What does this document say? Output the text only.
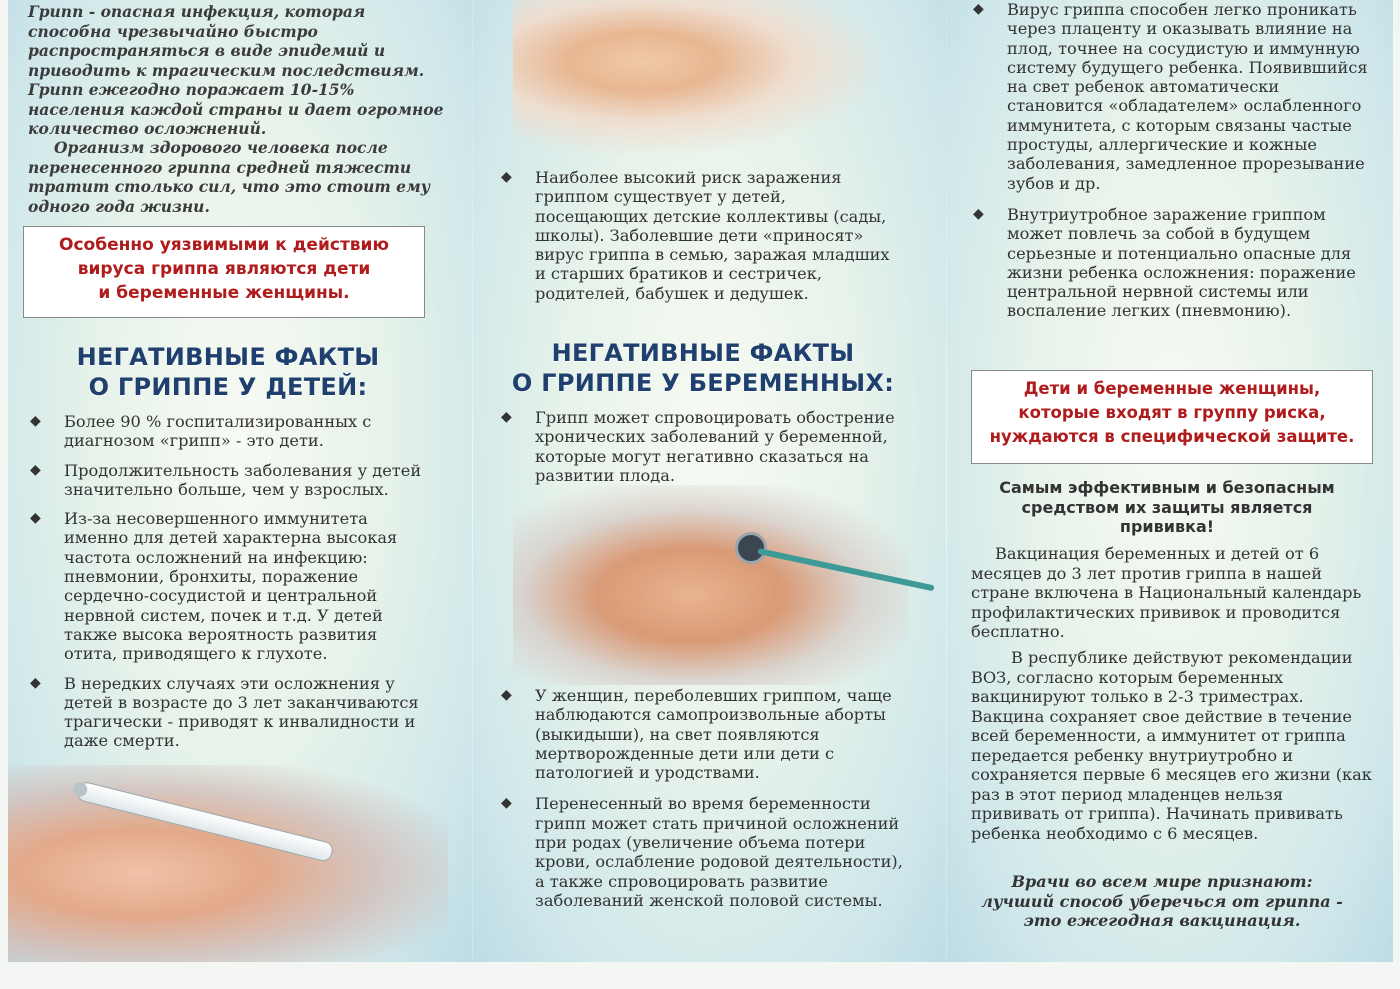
Грипп - опасная инфекция, которая способна чрезвычайно быстро распространяться в виде эпидемий и приводить к трагическим последствиям. Грипп ежегодно поражает 10-15% населения каждой страны и дает огромное количество осложнений.

Организм здорового человека после перенесенного гриппа средней тяжести тратит столько сил, что это стоит ему одного года жизни.

Особенно уязвимыми к действию
вируса гриппа являются дети
и беременные женщины.
НЕГАТИВНЫЕ ФАКТЫ
О ГРИППЕ У ДЕТЕЙ:
◆ Более 90 % госпитализированных с диагнозом «грипп» - это дети.
◆ Продолжительность заболевания у детей значительно больше, чем у взрослых.
◆ Из-за несовершенного иммунитета именно для детей характерна высокая частота осложнений на инфекцию: пневмонии, бронхиты, поражение сердечно-сосудистой и центральной нервной систем, почек и т.д. У детей также высока вероятность развития отита, приводящего к глухоте.
◆ В нередких случаях эти осложнения у детей в возрасте до 3 лет заканчиваются трагически - приводят к инвалидности и даже смерти.
◆ Наиболее высокий риск заражения гриппом существует у детей, посещающих детские коллективы (сады, школы). Заболевшие дети «приносят» вирус гриппа в семью, заражая младших и старших братиков и сестричек, родителей, бабушек и дедушек.
НЕГАТИВНЫЕ ФАКТЫ
О ГРИППЕ У БЕРЕМЕННЫХ:
◆ Грипп может спровоцировать обострение хронических заболеваний у беременной, которые могут негативно сказаться на развитии плода.
◆ У женщин, переболевших гриппом, чаще наблюдаются самопроизвольные аборты (выкидыши), на свет появляются мертворожденные дети или дети с патологией и уродствами.
◆ Перенесенный во время беременности грипп может стать причиной осложнений при родах (увеличение объема потери крови, ослабление родовой деятельности), а также спровоцировать развитие заболеваний женской половой системы.
◆ Вирус гриппа способен легко проникать через плаценту и оказывать влияние на плод, точнее на сосудистую и иммунную систему будущего ребенка. Появившийся на свет ребенок автоматически становится «обладателем» ослабленного иммунитета, с которым связаны частые простуды, аллергические и кожные заболевания, замедленное прорезывание зубов и др.
◆ Внутриутробное заражение гриппом может повлечь за собой в будущем серьезные и потенциально опасные для жизни ребенка осложнения: поражение центральной нервной системы или воспаление легких (пневмонию).
Дети и беременные женщины,
которые входят в группу риска,
нуждаются в специфической защите.
Самым эффективным и безопасным средством их защиты является прививка!

Вакцинация беременных и детей от 6 месяцев до 3 лет против гриппа в нашей стране включена в Национальный календарь профилактических прививок и проводится бесплатно.

В республике действуют рекомендации

ВОЗ, согласно которым беременных вакцинируют только в 2-3 триместрах. Вакцина сохраняет свое действие в течение всей беременности, а иммунитет от гриппа передается ребенку внутриутробно и сохраняется первые 6 месяцев его жизни (как раз в этот период младенцев нельзя прививать от гриппа). Начинать прививать ребенка необходимо с 6 месяцев.

Врачи во всем мире признают: лучший способ уберечься от гриппа - это ежегодная вакцинация.
